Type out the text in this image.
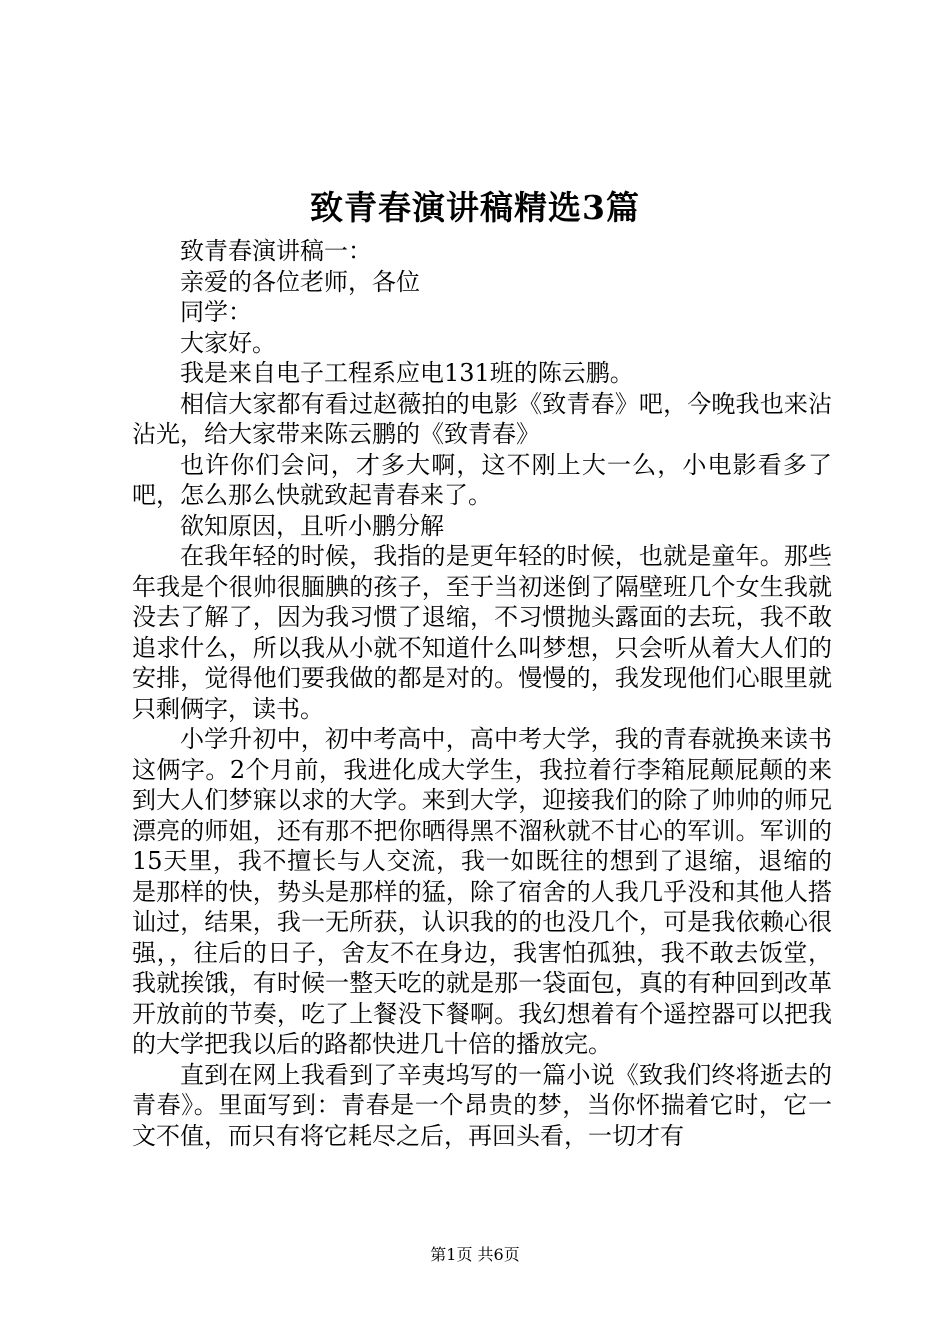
致青春演讲稿精选3篇

致青春演讲稿一：

亲爱的各位老师，各位

同学：

大家好。

我是来自电子工程系应电131班的陈云鹏。

相信大家都有看过赵薇拍的电影《致青春》吧，今晚我也来沾沾光，给大家带来陈云鹏的《致青春》

也许你们会问，才多大啊，这不刚上大一么，小电影看多了吧，怎么那么快就致起青春来了。

欲知原因，且听小鹏分解

在我年轻的时候，我指的是更年轻的时候，也就是童年。那些年我是个很帅很腼腆的孩子，至于当初迷倒了隔壁班几个女生我就没去了解了，因为我习惯了退缩，不习惯抛头露面的去玩，我不敢追求什么，所以我从小就不知道什么叫梦想，只会听从着大人们的安排，觉得他们要我做的都是对的。慢慢的，我发现他们心眼里就只剩俩字，读书。

小学升初中，初中考高中，高中考大学，我的青春就换来读书这俩字。2个月前，我进化成大学生，我拉着行李箱屁颠屁颠的来到大人们梦寐以求的大学。来到大学，迎接我们的除了帅帅的师兄漂亮的师姐，还有那不把你晒得黑不溜秋就不甘心的军训。军训的15天里，我不擅长与人交流，我一如既往的想到了退缩，退缩的是那样的快，势头是那样的猛，除了宿舍的人我几乎没和其他人搭讪过，结果，我一无所获，认识我的的也没几个，可是我依赖心很强，，往后的日子，舍友不在身边，我害怕孤独，我不敢去饭堂，我就挨饿，有时候一整天吃的就是那一袋面包，真的有种回到改革开放前的节奏，吃了上餐没下餐啊。我幻想着有个遥控器可以把我的大学把我以后的路都快进几十倍的播放完。

直到在网上我看到了辛夷坞写的一篇小说《致我们终将逝去的青春》。里面写到：青春是一个昂贵的梦，当你怀揣着它时，它一文不值，而只有将它耗尽之后，再回头看，一切才有

第1页 共6页
